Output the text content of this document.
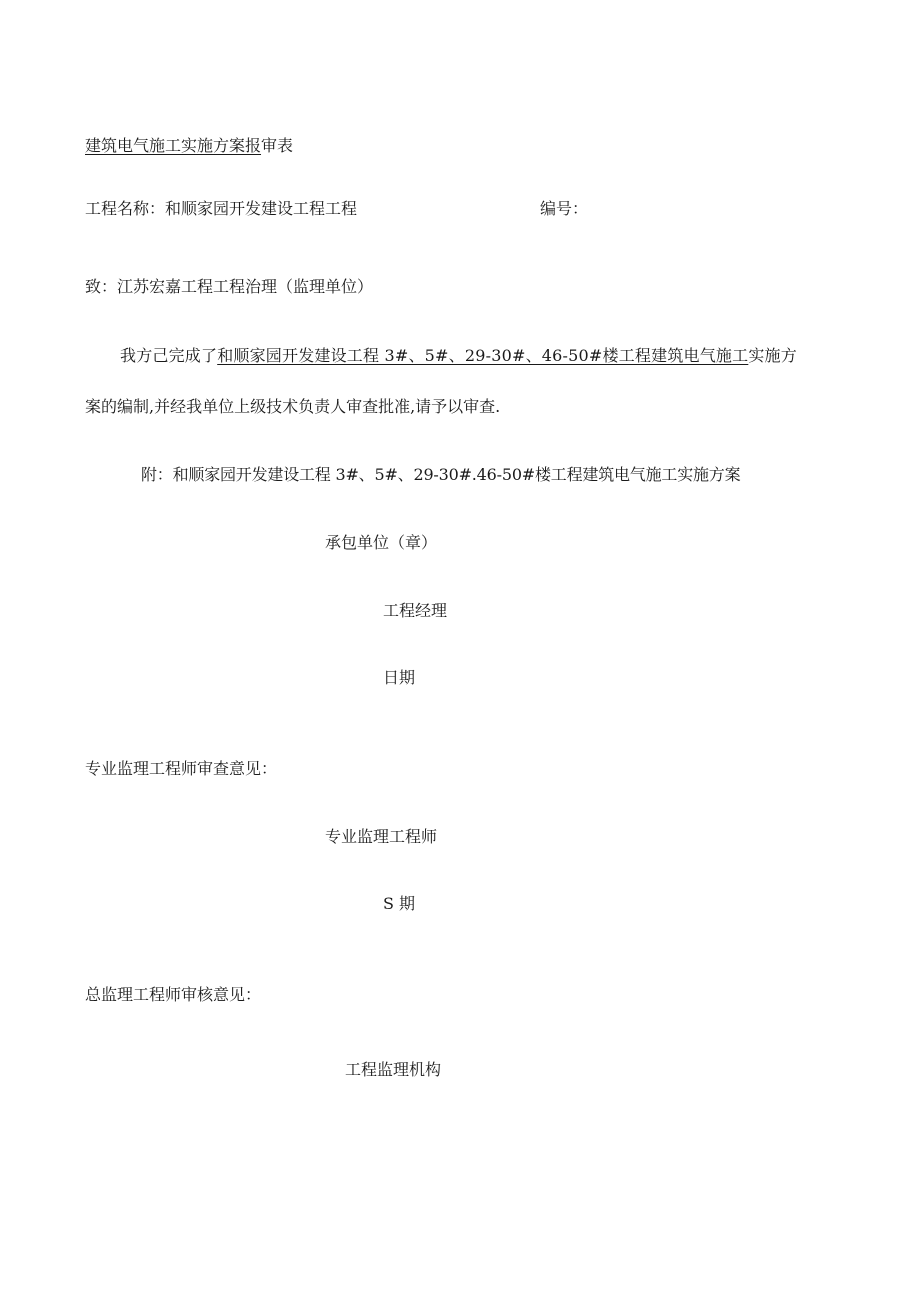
建筑电气施工实施方案报审表
工程名称：和顺家园开发建设工程工程	编号：
致：江苏宏嘉工程工程治理（监理单位）
我方己完成了和顺家园开发建设工程 3#、5#、29-30#、46-50#楼工程建筑电气施工实施方
案的编制,并经我单位上级技术负责人审查批准,请予以审查.
附：和顺家园开发建设工程 3#、5#、29-30#.46-50#楼工程建筑电气施工实施方案
承包单位（章）
工程经理
日期
专业监理工程师审查意见：
专业监理工程师
S 期
总监理工程师审核意见：
工程监理机构
